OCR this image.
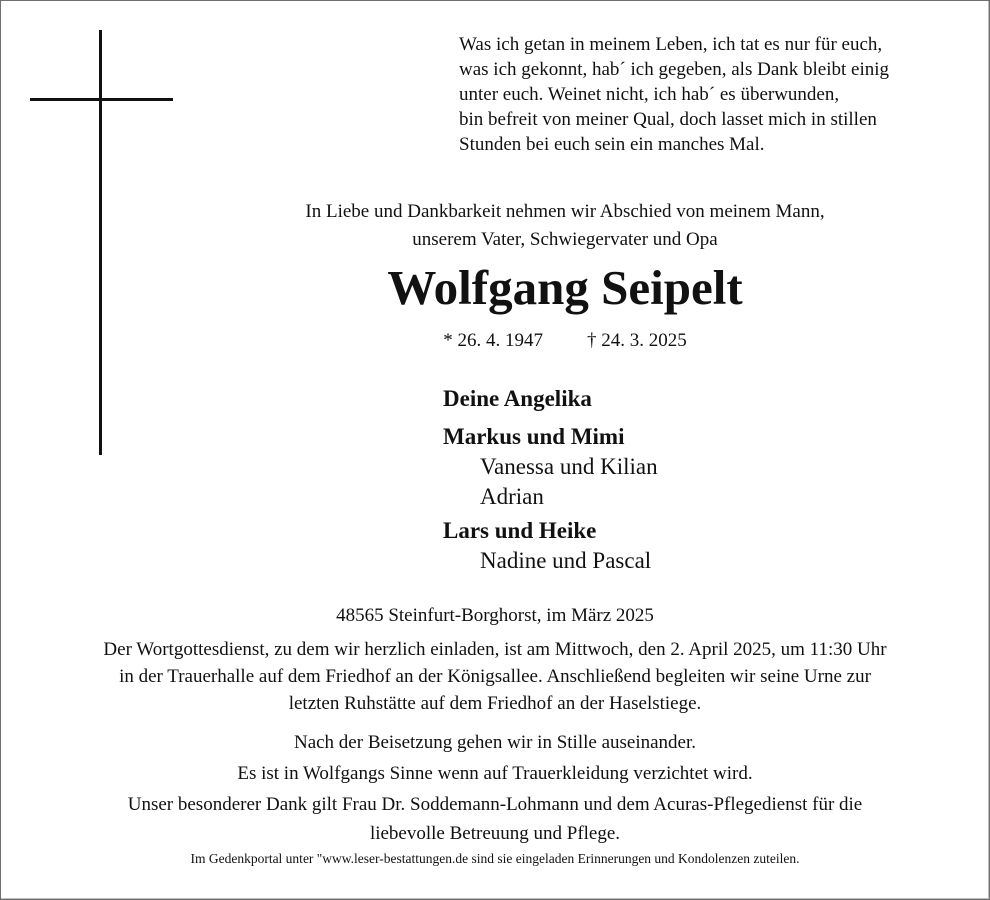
Was ich getan in meinem Leben, ich tat es nur für euch,
was ich gekonnt, hab´ ich gegeben, als Dank bleibt einig
unter euch. Weinet nicht, ich hab´ es überwunden,
bin befreit von meiner Qual, doch lasset mich in stillen
Stunden bei euch sein ein manches Mal.
In Liebe und Dankbarkeit nehmen wir Abschied von meinem Mann,
unserem Vater, Schwiegervater und Opa
Wolfgang Seipelt
* 26. 4. 1947 † 24. 3. 2025
Deine Angelika
Markus und Mimi
Vanessa und Kilian
Adrian
Lars und Heike
Nadine und Pascal
48565 Steinfurt-Borghorst, im März 2025
Der Wortgottesdienst, zu dem wir herzlich einladen, ist am Mittwoch, den 2. April 2025, um 11:30 Uhr
in der Trauerhalle auf dem Friedhof an der Königsallee. Anschließend begleiten wir seine Urne zur
letzten Ruhstätte auf dem Friedhof an der Haselstiege.
Nach der Beisetzung gehen wir in Stille auseinander.
Es ist in Wolfgangs Sinne wenn auf Trauerkleidung verzichtet wird.
Unser besonderer Dank gilt Frau Dr. Soddemann-Lohmann und dem Acuras-Pflegedienst für die
liebevolle Betreuung und Pflege.
Im Gedenkportal unter "www.leser-bestattungen.de sind sie eingeladen Erinnerungen und Kondolenzen zuteilen.
